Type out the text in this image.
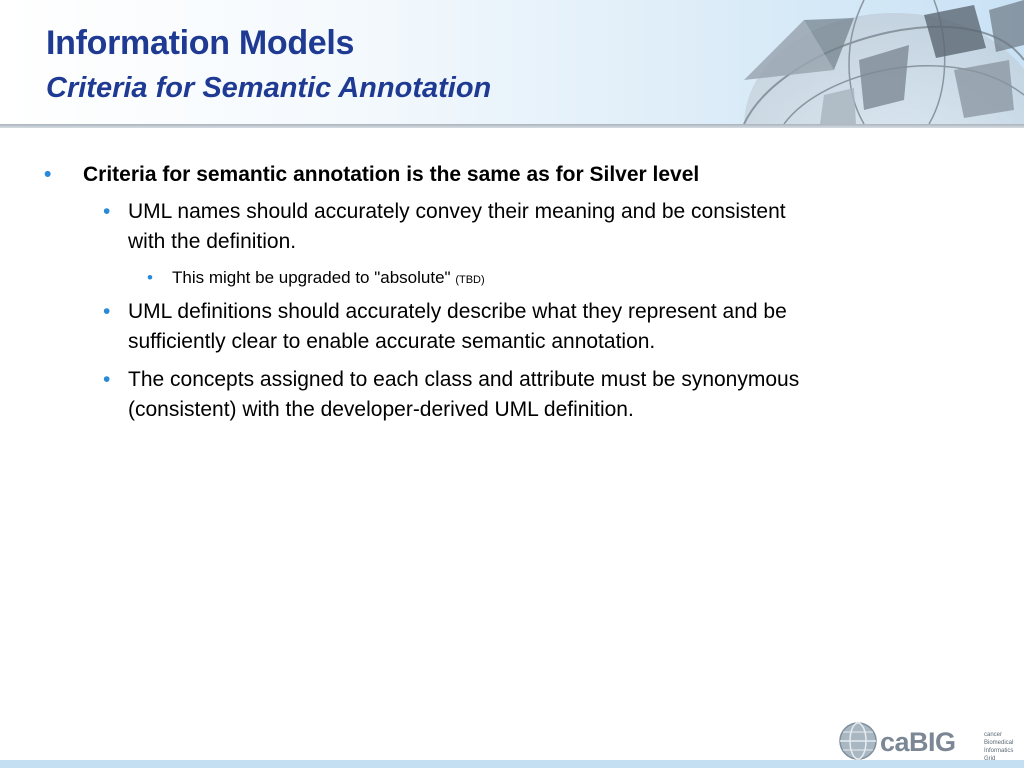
Information Models
Criteria for Semantic Annotation
• Criteria for semantic annotation is the same as for Silver level
• UML names should accurately convey their meaning and be consistent
with the definition.
• This might be upgraded to "absolute" (TBD)
• UML definitions should accurately describe what they represent and be
sufficiently clear to enable accurate semantic annotation.
• The concepts assigned to each class and attribute must be synonymous
(consistent) with the developer-derived UML definition.
caBIG	cancer Biomedical
Informatics Grid
